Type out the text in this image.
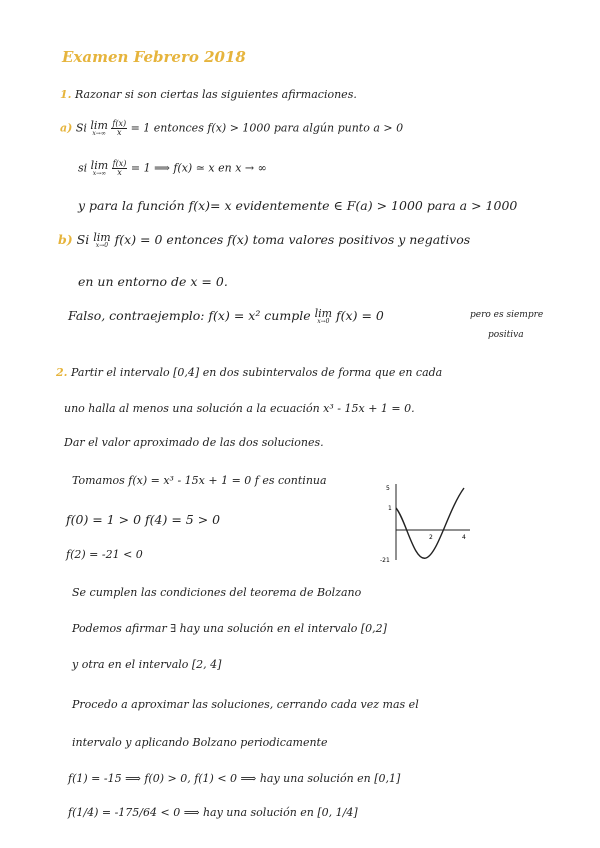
Examen Febrero 2018
1. Razonar si son ciertas las siguientes afirmaciones.
a) Si lim
x→∞
$\frac{f(x)}{x} = 1$ entonces f(x) > 1000 para algún punto a > 0
si lim
x→∞
$\frac{f(x)}{x} = 1$ ⟹ f(x) ≃ x en x → ∞
y para la función f(x)= x evidentemente ∈ F(a) > 1000 para a > 1000
b) Si lim
x→0 f(x) = 0 entonces f(x) toma valores positivos y negativos
en un entorno de x = 0.
Falso, contraejemplo: f(x) = x² cumple lim
x→0 f(x) = 0	pero es siempre
positiva
2. Partir el intervalo [0,4] en dos subintervalos de forma que en cada
uno halla al menos una solución a la ecuación x³ - 15x + 1 = 0.
Dar el valor aproximado de las dos soluciones.
Tomamos f(x) = x³ - 15x + 1 = 0 f es continua
f(0) = 1 > 0 f(4) = 5 > 0
f(2) = -21 < 0
Se cumplen las condiciones del teorema de Bolzano
Podemos afirmar ∃ hay una solución en el intervalo [0,2]
y otra en el intervalo [2, 4]
Procedo a aproximar las soluciones, cerrando cada vez mas el
intervalo y aplicando Bolzano periodicamente
f(1) = -15 ⟹ f(0) > 0, f(1) < 0 ⟹ hay una solución en [0,1]
f(1/4) = -175/64 < 0 ⟹ hay una solución en [0, 1/4]
5
1
-21
2	4
